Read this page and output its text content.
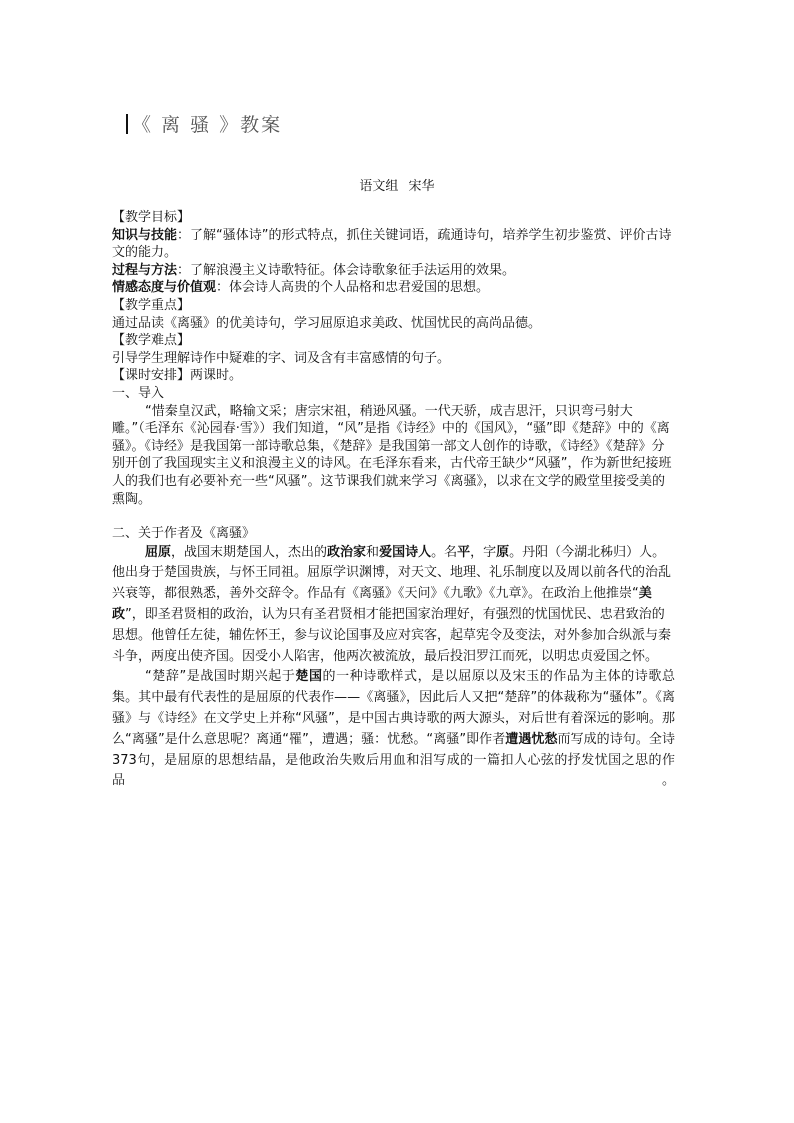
《 离 骚 》教案
语文组 宋华

【教学目标】

知识与技能：了解“骚体诗”的形式特点，抓住关键词语，疏通诗句，培养学生初步鉴赏、评价古诗文的能力。

过程与方法：了解浪漫主义诗歌特征。体会诗歌象征手法运用的效果。

情感态度与价值观：体会诗人高贵的个人品格和忠君爱国的思想。

【教学重点】

通过品读《离骚》的优美诗句，学习屈原追求美政、忧国忧民的高尚品德。

【教学难点】

引导学生理解诗作中疑难的字、词及含有丰富感情的句子。

【课时安排】两课时。

一、导入

“惜秦皇汉武，略输文采；唐宗宋祖，稍逊风骚。一代天骄，成吉思汗，只识弯弓射大雕。”（毛泽东《沁园春·雪》）我们知道，“风”是指《诗经》中的《国风》，“骚”即《楚辞》中的《离骚》。《诗经》是我国第一部诗歌总集，《楚辞》是我国第一部文人创作的诗歌，《诗经》《楚辞》分别开创了我国现实主义和浪漫主义的诗风。在毛泽东看来，古代帝王缺少“风骚”，作为新世纪接班人的我们也有必要补充一些“风骚”。这节课我们就来学习《离骚》，以求在文学的殿堂里接受美的熏陶。

二、关于作者及《离骚》

屈原，战国末期楚国人，杰出的政治家和爱国诗人。名平，字原。丹阳（今湖北秭归）人。他出身于楚国贵族，与怀王同祖。屈原学识渊博，对天文、地理、礼乐制度以及周以前各代的治乱兴衰等，都很熟悉，善外交辞令。作品有《离骚》《天问》《九歌》《九章》。在政治上他推崇“美政”，即圣君贤相的政治，认为只有圣君贤相才能把国家治理好，有强烈的忧国忧民、忠君致治的思想。他曾任左徒，辅佐怀王，参与议论国事及应对宾客，起草宪令及变法，对外参加合纵派与秦斗争，两度出使齐国。因受小人陷害，他两次被流放，最后投汨罗江而死，以明忠贞爱国之怀。

“楚辞”是战国时期兴起于楚国的一种诗歌样式，是以屈原以及宋玉的作品为主体的诗歌总集。其中最有代表性的是屈原的代表作——《离骚》，因此后人又把“楚辞”的体裁称为“骚体”。《离骚》与《诗经》在文学史上并称“风骚”，是中国古典诗歌的两大源头，对后世有着深远的影响。那么“离骚”是什么意思呢？离通“罹”，遭遇；骚：忧愁。“离骚”即作者遭遇忧愁而写成的诗句。全诗373句，是屈原的思想结晶，是他政治失败后用血和泪写成的一篇扣人心弦的抒发忧国之思的作品。
